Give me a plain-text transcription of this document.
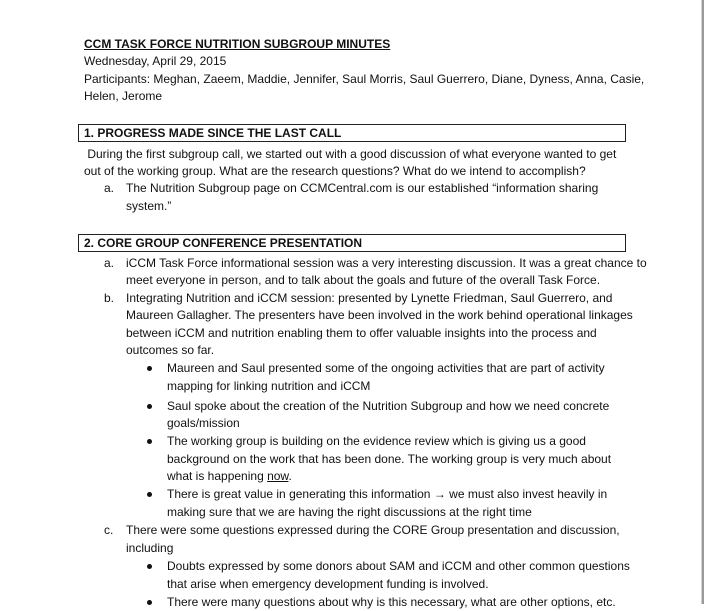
CCM TASK FORCE NUTRITION SUBGROUP MINUTES
Wednesday, April 29, 2015
Participants: Meghan, Zaeem, Maddie, Jennifer, Saul Morris, Saul Guerrero, Diane, Dyness, Anna, Casie,
Helen, Jerome
1. PROGRESS MADE SINCE THE LAST CALL
During the first subgroup call, we started out with a good discussion of what everyone wanted to get
out of the working group. What are the research questions? What do we intend to accomplish?
a. The Nutrition Subgroup page on CCMCentral.com is our established “information sharing
system.”
2. CORE GROUP CONFERENCE PRESENTATION
a. iCCM Task Force informational session was a very interesting discussion. It was a great chance to
meet everyone in person, and to talk about the goals and future of the overall Task Force.
b. Integrating Nutrition and iCCM session: presented by Lynette Friedman, Saul Guerrero, and
Maureen Gallagher. The presenters have been involved in the work behind operational linkages
between iCCM and nutrition enabling them to offer valuable insights into the process and
outcomes so far.
Maureen and Saul presented some of the ongoing activities that are part of activity
mapping for linking nutrition and iCCM
Saul spoke about the creation of the Nutrition Subgroup and how we need concrete
goals/mission
The working group is building on the evidence review which is giving us a good
background on the work that has been done. The working group is very much about
what is happening now.
There is great value in generating this information → we must also invest heavily in
making sure that we are having the right discussions at the right time
c. There were some questions expressed during the CORE Group presentation and discussion,
including
Doubts expressed by some donors about SAM and iCCM and other common questions
that arise when emergency development funding is involved.
There were many questions about why is this necessary, what are other options, etc.
